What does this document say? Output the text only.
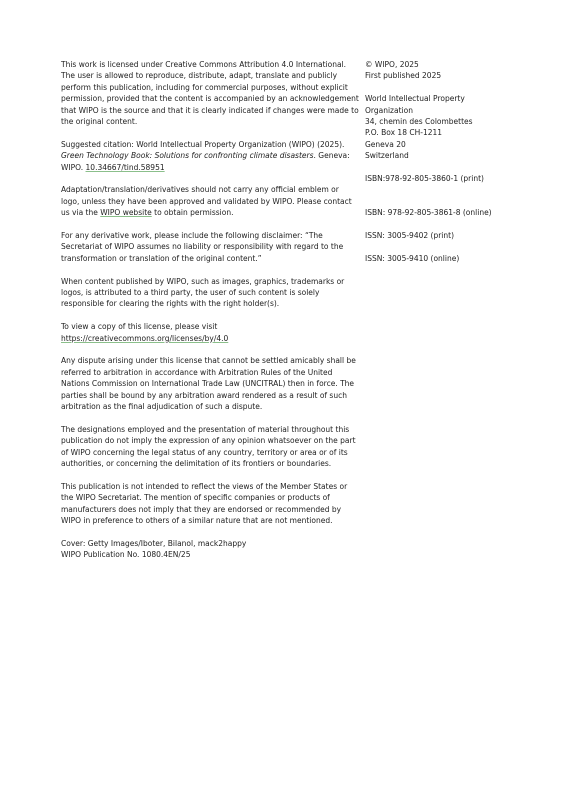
This work is licensed under Creative Commons Attribution 4.0 International. The user is allowed to reproduce, distribute, adapt, translate and publicly perform this publication, including for commercial purposes, without explicit permission, provided that the content is accompanied by an acknowledgement that WIPO is the source and that it is clearly indicated if changes were made to the original content.

Suggested citation: World Intellectual Property Organization (WIPO) (2025). Green Technology Book: Solutions for confronting climate disasters. Geneva: WIPO. 10.34667/tind.58951

Adaptation/translation/derivatives should not carry any official emblem or logo, unless they have been approved and validated by WIPO. Please contact us via the WIPO website to obtain permission.

For any derivative work, please include the following disclaimer: “The Secretariat of WIPO assumes no liability or responsibility with regard to the transformation or translation of the original content.”

When content published by WIPO, such as images, graphics, trademarks or logos, is attributed to a third party, the user of such content is solely responsible for clearing the rights with the right holder(s).

To view a copy of this license, please visit https://creativecommons.org/licenses/by/4.0

Any dispute arising under this license that cannot be settled amicably shall be referred to arbitration in accordance with Arbitration Rules of the United Nations Commission on International Trade Law (UNCITRAL) then in force. The parties shall be bound by any arbitration award rendered as a result of such arbitration as the final adjudication of such a dispute.

The designations employed and the presentation of material throughout this publication do not imply the expression of any opinion whatsoever on the part of WIPO concerning the legal status of any country, territory or area or of its authorities, or concerning the delimitation of its frontiers or boundaries.

This publication is not intended to reflect the views of the Member States or the WIPO Secretariat. The mention of specific companies or products of manufacturers does not imply that they are endorsed or recommended by WIPO in preference to others of a similar nature that are not mentioned.

Cover: Getty Images/Iboter, Bilanol, mack2happy
WIPO Publication No. 1080.4EN/25

© WIPO, 2025

First published 2025

World Intellectual Property

Organization

34, chemin des Colombettes

P.O. Box 18 CH-1211

Geneva 20

Switzerland

ISBN:978-92-805-3860-1 (print)

ISBN: 978-92-805-3861-8 (online)

ISSN: 3005-9402 (print)

ISSN: 3005-9410 (online)
